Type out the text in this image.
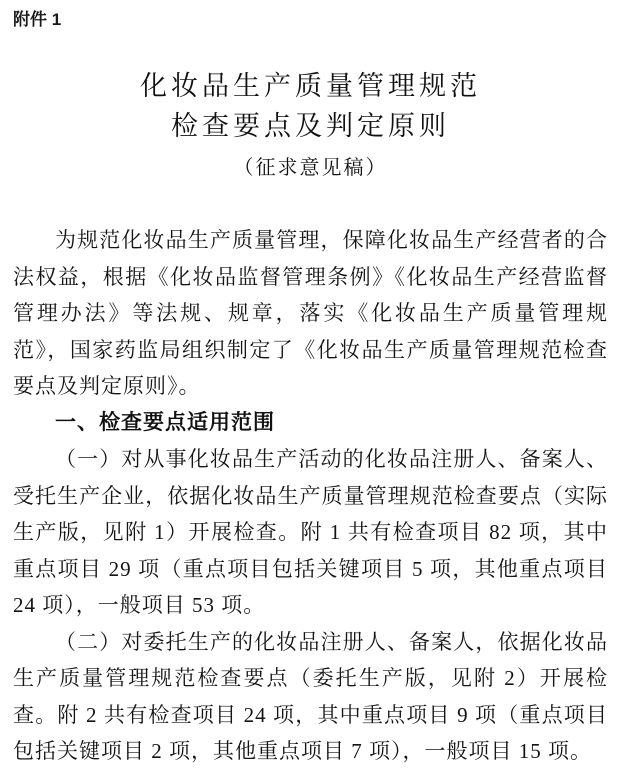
附件 1
化妆品生产质量管理规范
检查要点及判定原则
（征求意见稿）

为规范化妆品生产质量管理，保障化妆品生产经营者的合法权益，根据《化妆品监督管理条例》《化妆品生产经营监督管理办法》等法规、规章，落实《化妆品生产质量管理规范》，国家药监局组织制定了《化妆品生产质量管理规范检查要点及判定原则》。

一、检查要点适用范围

（一）对从事化妆品生产活动的化妆品注册人、备案人、受托生产企业，依据化妆品生产质量管理规范检查要点（实际生产版，见附 1）开展检查。附 1 共有检查项目 82 项，其中重点项目 29 项（重点项目包括关键项目 5 项，其他重点项目 24 项），一般项目 53 项。

（二）对委托生产的化妆品注册人、备案人，依据化妆品生产质量管理规范检查要点（委托生产版，见附 2）开展检查。附 2 共有检查项目 24 项，其中重点项目 9 项（重点项目包括关键项目 2 项，其他重点项目 7 项），一般项目 15 项。
